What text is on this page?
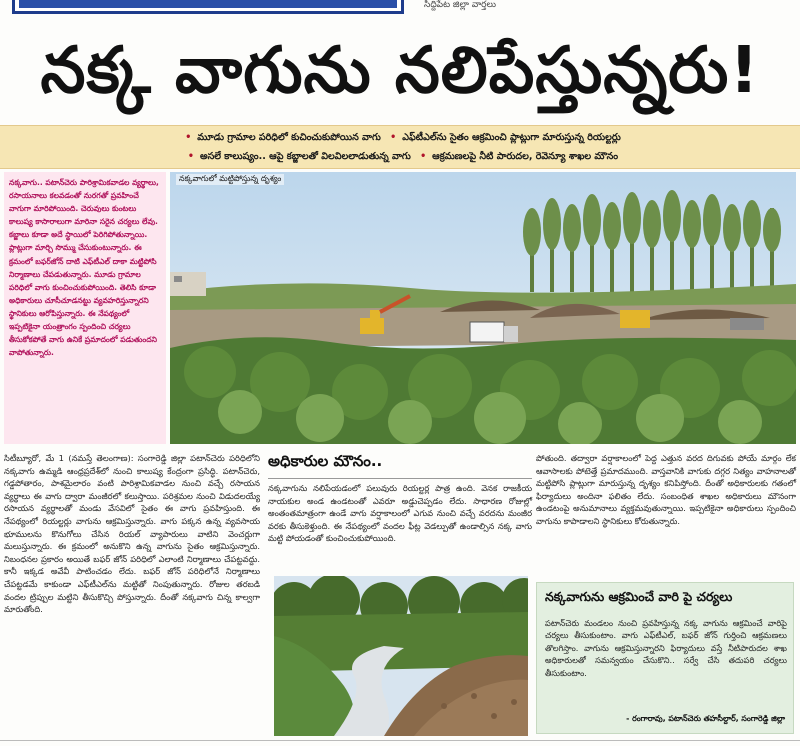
సిద్దిపేట జిల్లా వార్తలు
నక్క వాగును నలిపేస్తున్నరు!
• మూడు గ్రామాల పరిధిలో కుచించుకుపోయిన వాగు • ఎఫ్‌టీఎల్‌ను సైతం ఆక్రమించి ప్లాట్లుగా మారుస్తున్న రియల్టర్లు
• అసలే కాలుష్యం.. ఆపై కబ్జాలతో విలవిలలాడుతున్న వాగు • ఆక్రమణలపై నీటి పారుదల, రెవెన్యూ శాఖల మౌనం

నక్కవాగు.. పటాన్‌చెరు పారిశ్రామికవాడల వ్యర్థాలు, రసాయనాలు కలవడంతో నురగతో ప్రవహించే వాగుగా మారిపోయింది. చెరువులు కుంటలు కాలుష్య కాసారాలుగా మారినా సరైన చర్యలు లేవు. కబ్జాలు కూడా అదే స్థాయిలో పెరిగిపోతున్నాయి. ప్లాట్లుగా మార్చి సొమ్ము చేసుకుంటున్నారు. ఈ క్రమంలో బఫర్‌జోన్ దాటి ఎఫ్‌టీఎల్ దాకా మట్టిపోసి నిర్మాణాలు చేపడుతున్నారు. మూడు గ్రామాల పరిధిలో వాగు కుంచించుకుపోయింది. తెలిసి కూడా అధికారులు చూసీచూడనట్టు వ్యవహరిస్తున్నారని స్థానికులు ఆరోపిస్తున్నారు. ఈ నేపథ్యంలో ఇప్పటికైనా యంత్రాంగం స్పందించి చర్యలు తీసుకోకపోతే వాగు ఉనికే ప్రమాదంలో పడుతుందని వాపోతున్నారు.

నక్కవాగులో మట్టిపోస్తున్న దృశ్యం
సిటీబ్యూరో, మే 1 (నమస్తే తెలంగాణ): సంగారెడ్డి జిల్లా పటాన్‌చెరు పరిధిలోని నక్కవాగు ఉమ్మడి ఆంధ్రప్రదేశ్‌లో నుంచి కాలుష్య కేంద్రంగా ప్రసిద్ధి. పటాన్‌చెరు, గడ్డపోతారం, పాశమైలారం వంటి పారిశ్రామికవాడల నుంచి వచ్చే రసాయన వ్యర్థాలు ఈ వాగు ద్వారా మంజీరలో కలుస్తాయి. పరిశ్రమల నుంచి విడుదలయ్యే రసాయన వ్యర్థాలతో మండు వేసవిలో సైతం ఈ వాగు ప్రవహిస్తుంది. ఈ నేపథ్యంలో రియల్టర్లు వాగును ఆక్రమిస్తున్నారు. వాగు పక్కన ఉన్న వ్యవసాయ భూములను కొనుగోలు చేసిన రియల్ వ్యాపారులు వాటిని వెంచర్లుగా మలుస్తున్నారు. ఈ క్రమంలో అనుకొని ఉన్న వాగును సైతం ఆక్రమిస్తున్నారు. నిబంధనల ప్రకారం అయితే బఫర్ జోన్ పరిధిలో ఎలాంటి నిర్మాణాలు చేపట్టవద్దు. కానీ ఇక్కడ అవేవీ పాటించడం లేదు. బఫర్ జోన్ పరిధిలోనే నిర్మాణాలు చేపట్టడమే కాకుండా ఎఫ్‌టీఎల్‌ను మట్టితో నింపుతున్నారు. రోజుల తరబడి వందల ట్రిప్పుల మట్టిని తీసుకొచ్చి పోస్తున్నారు. దీంతో నక్కవాగు చిన్న కాల్వగా మారుతోంది.
అధికారుల మౌనం..
నక్కవాగును నలిపేయడంలో పలువురు రియల్టర్ల పాత్ర ఉంది. వెనక రాజకీయ నాయకుల అండ ఉండటంతో ఎవరూ అడ్డుచెప్పడం లేదు. సాధారణ రోజుల్లో అంతంతమాత్రంగా ఉండే వాగు వర్షాకాలంలో ఎగువ నుంచి వచ్చే వరదను మంజీర వరకు తీసుకెళ్తుంది. ఈ నేపథ్యంలో వందల ఫీట్ల వెడల్పుతో ఉండాల్సిన నక్క వాగు మట్టి పోయడంతో కుంచించుకుపోయింది.
పోతుంది. తద్వారా వర్షాకాలంలో పెద్ద ఎత్తున వరద దిగువకు పోయే మార్గం లేక ఆవాసాలకు పోటెత్తే ప్రమాదముంది. వాస్తవానికి వాగుకు దగ్గర నిత్యం వాహనాలతో మట్టిపోసి ప్లాట్లుగా మారుస్తున్న దృశ్యం కనిపిస్తోంది. దీంతో అధికారులకు గతంలో ఫిర్యాదులు అందినా ఫలితం లేదు. సంబంధిత శాఖల అధికారులు మౌనంగా ఉండటంపై అనుమానాలు వ్యక్తమవుతున్నాయి. ఇప్పటికైనా అధికారులు స్పందించి వాగును కాపాడాలని స్థానికులు కోరుతున్నారు.
నక్కవాగును ఆక్రమించే వారి పై చర్యలు
పటాన్‌చెరు మండలం నుంచి ప్రవహిస్తున్న నక్క వాగును ఆక్రమించే వారిపై చర్యలు తీసుకుంటాం. వాగు ఎఫ్‌టీఎల్, బఫర్ జోన్ గుర్తించి ఆక్రమణలు తొలగిస్తాం. వాగును ఆక్రమిస్తున్నారని ఫిర్యాదులు వస్తే నీటిపారుదల శాఖ అధికారులతో సమన్వయం చేసుకొని.. సర్వే చేసి తదుపరి చర్యలు తీసుకుంటాం.
- రంగారావు, పటాన్‌చెరు తహసీల్దార్, సంగారెడ్డి జిల్లా
